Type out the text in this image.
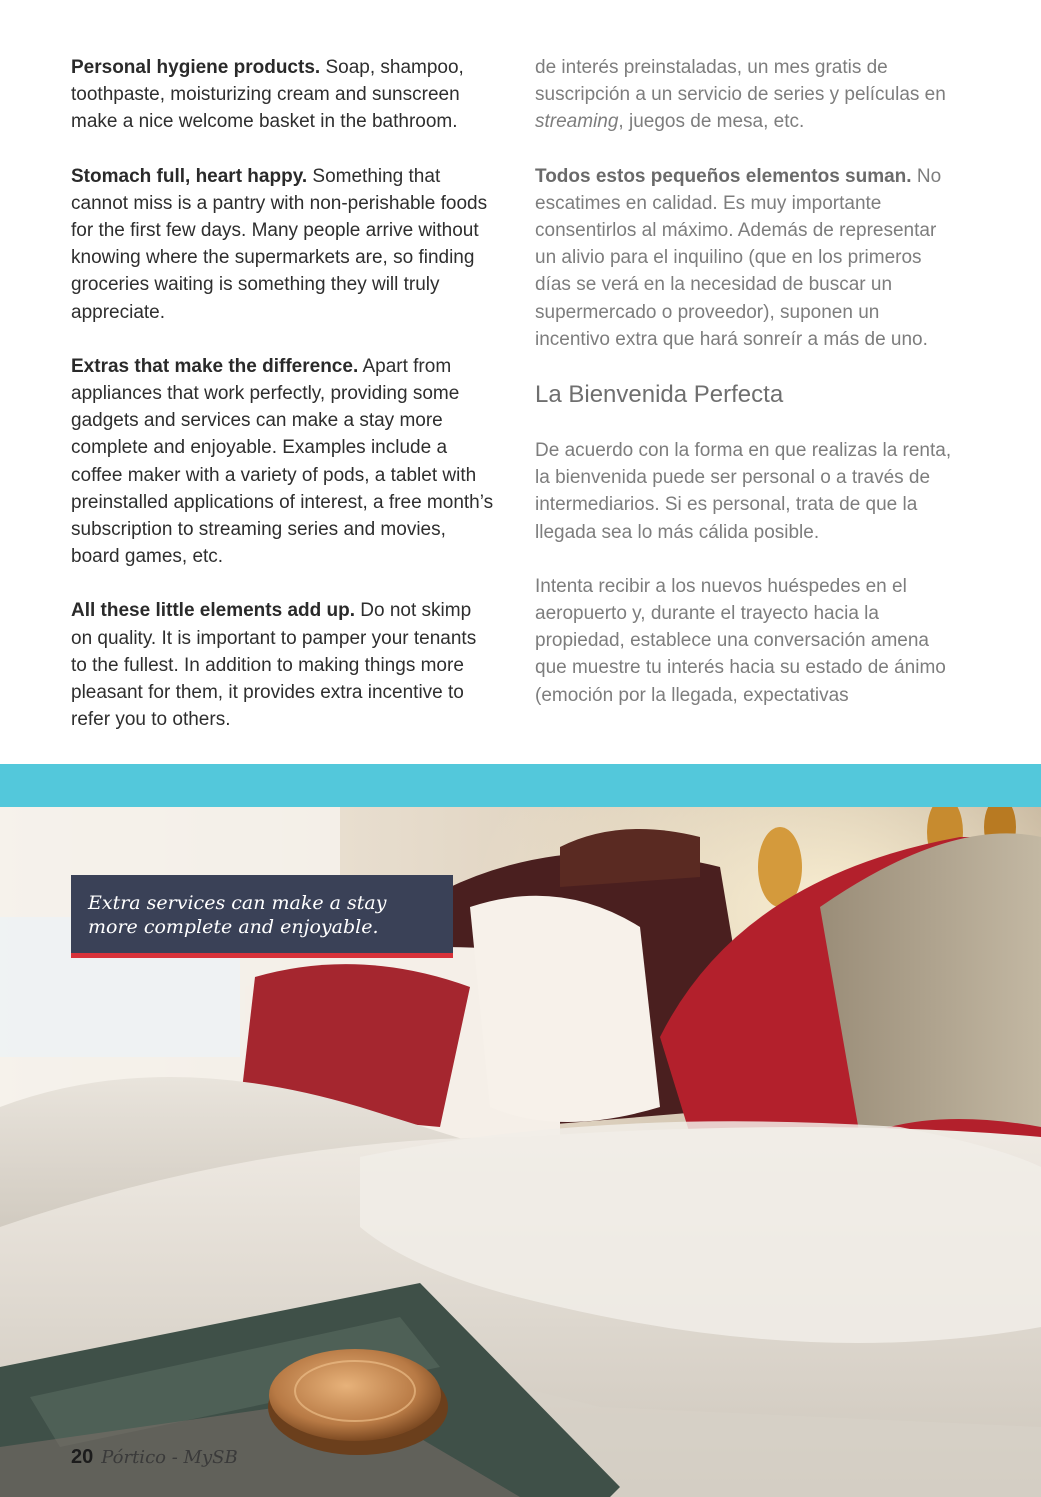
Personal hygiene products. Soap, shampoo, toothpaste, moisturizing cream and sunscreen make a nice welcome basket in the bathroom.

Stomach full, heart happy. Something that cannot miss is a pantry with non-perishable foods for the first few days. Many people arrive without knowing where the supermarkets are, so finding groceries waiting is something they will truly appreciate.

Extras that make the difference. Apart from appliances that work perfectly, providing some gadgets and services can make a stay more complete and enjoyable. Examples include a coffee maker with a variety of pods, a tablet with preinstalled applications of interest, a free month’s subscription to streaming series and movies, board games, etc.

All these little elements add up. Do not skimp on quality. It is important to pamper your tenants to the fullest. In addition to making things more pleasant for them, it provides extra incentive to refer you to others.

de interés preinstaladas, un mes gratis de suscripción a un servicio de series y películas en streaming, juegos de mesa, etc.

Todos estos pequeños elementos suman. No escatimes en calidad. Es muy importante consentirlos al máximo. Además de representar un alivio para el inquilino (que en los primeros días se verá en la necesidad de buscar un supermercado o proveedor), suponen un incentivo extra que hará sonreír a más de uno.

La Bienvenida Perfecta

De acuerdo con la forma en que realizas la renta, la bienvenida puede ser personal o a través de intermediarios. Si es personal, trata de que la llegada sea lo más cálida posible.

Intenta recibir a los nuevos huéspedes en el aeropuerto y, durante el trayecto hacia la propiedad, establece una conversación amena que muestre tu interés hacia su estado de ánimo (emoción por la llegada, expectativas

Extra services can make a stay more complete and enjoyable.
20 Pórtico - MySB
